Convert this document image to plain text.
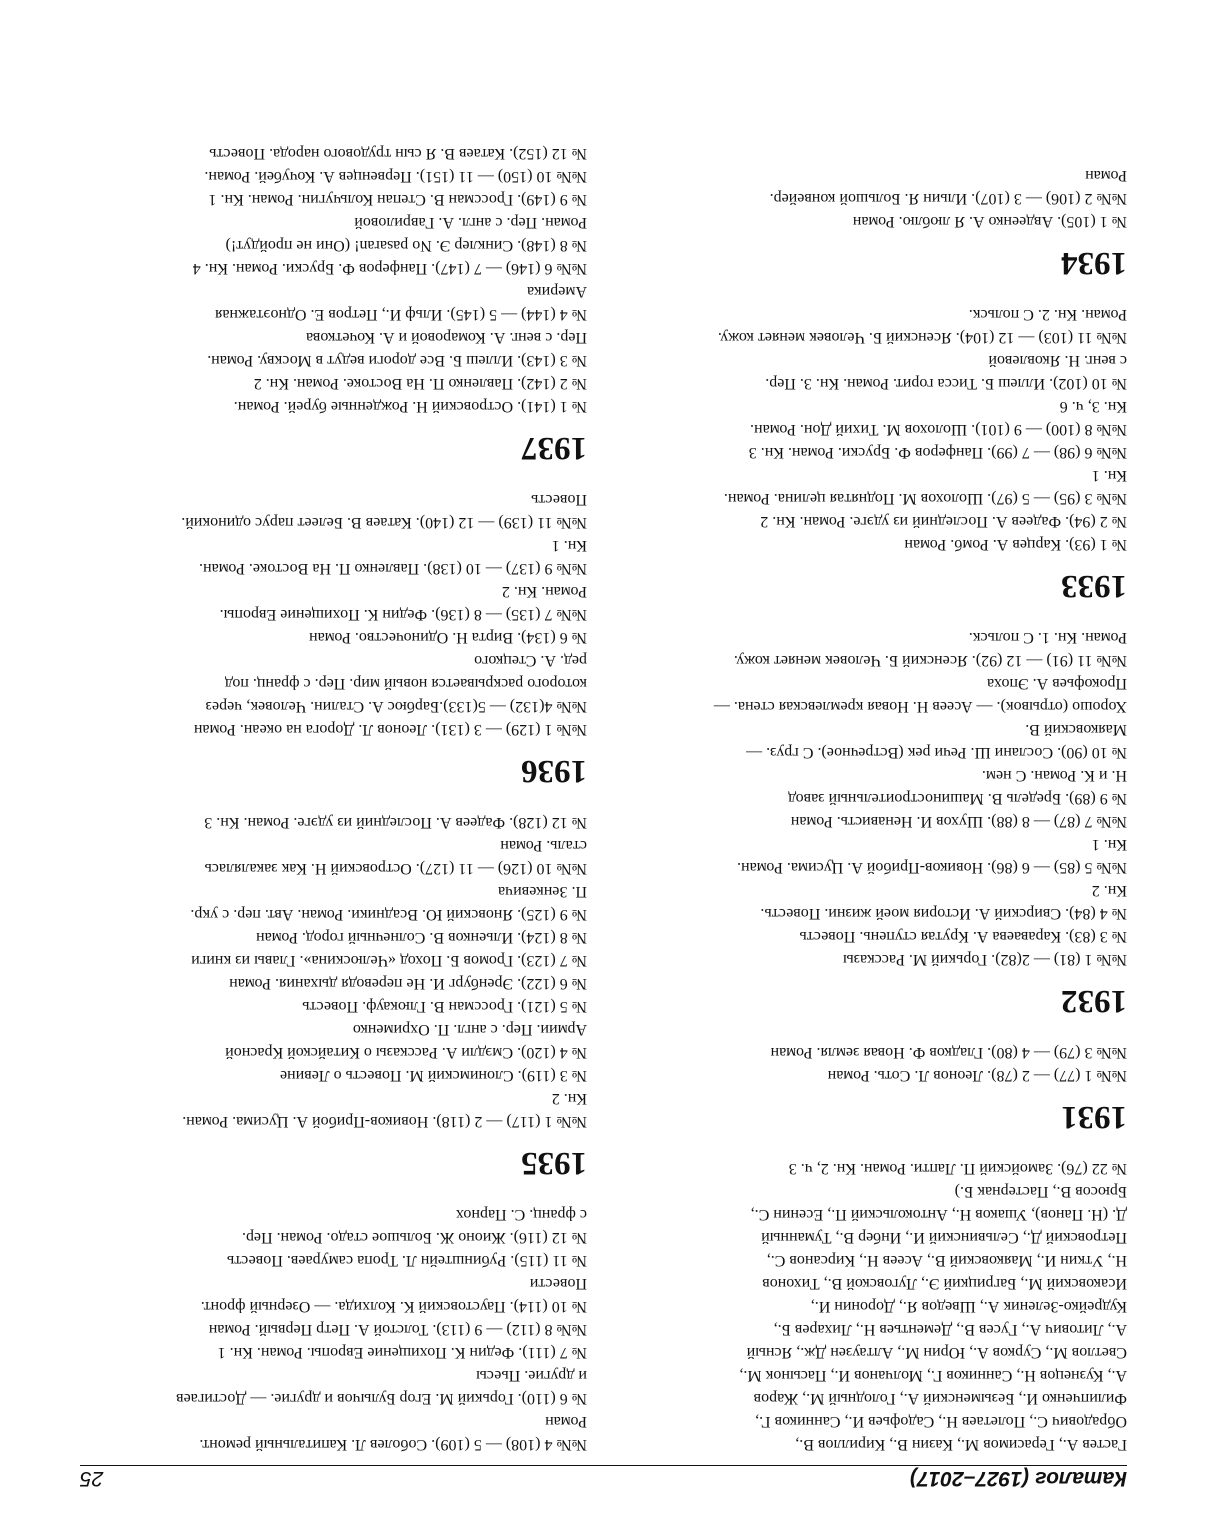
Каталог (1927–2017)
25

Гастев А., Герасимов М., Казин В., Кириллов В.,
Обрадович С., Полетаев Н., Садофьев И., Санников Г.,
Филипченко И., Безыменский А., Голодный М., Жаров
А., Кузнецов Н., Санников Г., Молчанов И., Пасынок М.,
Светлов М., Сурков А., Юрин М., Алтаузен Дж., Ясный
А., Литович А., Гусев В., Дементьев Н., Лихарев Б.,
Кудрейко-Зеленик А., Шведов Я., Доронин И.,
Исаковский М., Багрицкий Э., Луговской В., Тихонов
Н., Уткин И., Маяковский В., Асеев Н., Кирсанов С.,
Петровский Д., Сельвинский И., Инбер В., Туманный
Д. (Н. Панов), Ушаков Н., Антокольский П., Есенин С.,
Брюсов В., Пастернак Б.)

№ 22 (76). Замойский П. Лапти. Роман. Кн. 2, ч. 3

1931

№№ 1 (77) — 2 (78). Леонов Л. Соть. Роман

№№ 3 (79) — 4 (80). Гладков Ф. Новая земля. Роман

1932

№№ 1 (81) — 2(82). Горький М. Рассказы

№ 3 (83). Караваева А. Крутая ступень. Повесть

№ 4 (84). Свирский А. История моей жизни. Повесть.
Кн. 2

№№ 5 (85) — 6 (86). Новиков-Прибой А. Цусима. Роман.
Кн. 1

№№ 7 (87) — 8 (88). Шухов И. Ненависть. Роман

№ 9 (89). Бредель В. Машиностроительный завод
Н. и К. Роман. С нем.

№ 10 (90). Сослани Ш. Речи рек (Встречное). С груз. —
Маяковский В.
Хорошо (отрывок). — Асеев Н. Новая кремлевская стена. —
Прокофьев А. Эпоха

№№ 11 (91) — 12 (92). Ясенский Б. Человек меняет кожу.
Роман. Кн. 1. С польск.

1933

№ 1 (93). Карцев А. Ромб. Роман

№ 2 (94). Фадеев А. Последний из удэге. Роман. Кн. 2

№№ 3 (95) — 5 (97). Шолохов М. Поднятая целина. Роман.
Кн. 1

№№ 6 (98) — 7 (99). Панферов Ф. Бруски. Роман. Кн. 3

№№ 8 (100) — 9 (101). Шолохов М. Тихий Дон. Роман.
Кн. 3, ч. 6

№ 10 (102). Иллеш Б. Тисса горит. Роман. Кн. 3. Пер.
с венг. Н. Яковлевой

№№ 11 (103) — 12 (104). Ясенский Б. Человек меняет кожу.
Роман. Кн. 2. С польск.

1934

№ 1 (105). Авдеенко А. Я люблю. Роман

№№ 2 (106) — 3 (107). Ильин Я. Большой конвейер.
Роман

№№ 4 (108) — 5 (109). Соболев Л. Капитальный ремонт.
Роман

№ 6 (110). Горький М. Егор Булычов и другие. — Достигаев
и другие. Пьесы

№ 7 (111). Федин К. Похищение Европы. Роман. Кн. 1

№№ 8 (112) — 9 (113). Толстой А. Петр Первый. Роман

№ 10 (114). Паустовский К. Колхида. — Озерный фронт.
Повести

№ 11 (115). Рубинштейн Л. Тропа самураев. Повесть

№ 12 (116). Жионо Ж. Большое стадо. Роман. Пер.
с франц. С. Парнох

1935

№№ 1 (117) — 2 (118). Новиков-Прибой А. Цусима. Роман.
Кн. 2

№ 3 (119). Слонимский М. Повесть о Левине

№ 4 (120). Смэдли А. Рассказы о Китайской Красной
Армии. Пер. с англ. П. Охрименко

№ 5 (121). Гроссман В. Глюкауф. Повесть

№ 6 (122). Эренбург И. Не переводя дыхания. Роман

№ 7 (123). Громов Б. Поход «Челюскина». Главы из книги

№ 8 (124). Ильенков В. Солнечный город. Роман

№ 9 (125). Яновский Ю. Всадники. Роман. Авт. пер. с укр.
П. Зенкевича

№№ 10 (126) — 11 (127). Островский Н. Как закалялась
сталь. Роман

№ 12 (128). Фадеев А. Последний из удэге. Роман. Кн. 3

1936

№№ 1 (129) — 3 (131). Леонов Л. Дорога на океан. Роман

№№ 4(132) — 5(133).Барбюс А. Сталин. Человек, через
которого раскрывается новый мир. Пер. с франц. под
ред. А. Стецкого

№ 6 (134). Вирта Н. Одиночество. Роман

№№ 7 (135) — 8 (136). Федин К. Похищение Европы.
Роман. Кн. 2

№№ 9 (137) — 10 (138). Павленко П. На Востоке. Роман.
Кн. 1

№№ 11 (139) — 12 (140). Катаев В. Белеет парус одинокий.
Повесть

1937

№ 1 (141). Островский Н. Рожденные бурей. Роман.

№ 2 (142). Павленко П. На Востоке. Роман. Кн. 2

№ 3 (143). Иллеш Б. Все дороги ведут в Москву. Роман.
Пер. с венг. А. Комаровой и А. Кочеткова

№ 4 (144) — 5 (145). Ильф И., Петров Е. Одноэтажная
Америка

№№ 6 (146) — 7 (147). Панферов Ф. Бруски. Роман. Кн. 4

№ 8 (148). Синклер Э. No pasaran! (Они не пройдут!)
Роман. Пер. с англ. А. Гавриловой

№ 9 (149). Гроссман В. Степан Кольчугин. Роман. Кн. 1

№№ 10 (150) — 11 (151). Первенцев А. Кочубей. Роман.

№ 12 (152). Катаев В. Я сын трудового народа. Повесть
